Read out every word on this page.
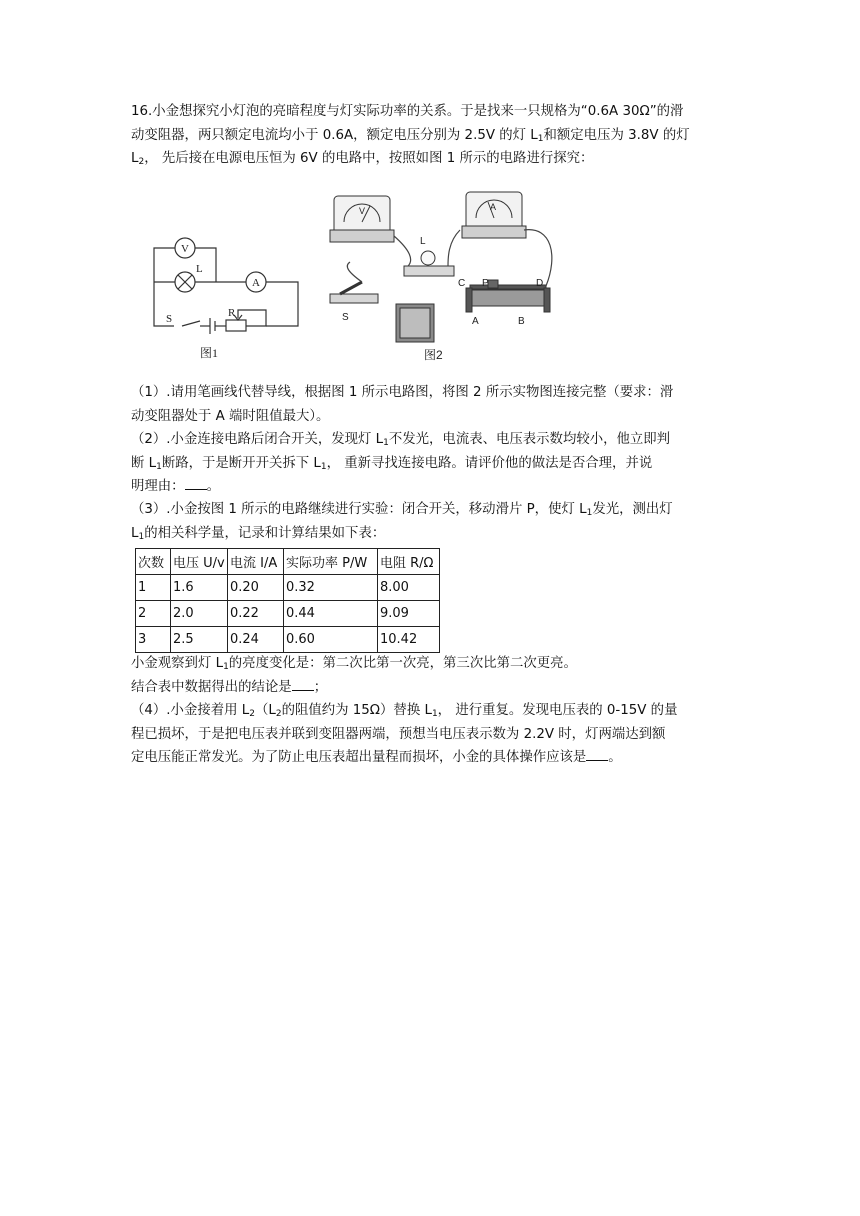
16.小金想探究小灯泡的亮暗程度与灯实际功率的关系。于是找来一只规格为“0.6A 30Ω”的滑
动变阻器，两只额定电流均小于 0.6A，额定电压分别为 2.5V 的灯 $L_1$和额定电压为 3.8V 的灯
$L_2$， 先后接在电源电压恒为 6V 的电路中，按照如图 1 所示的电路进行探究：
V
A
L
S	R
图1
V	A
L
S
C P	D
A	B
图2
（1）.请用笔画线代替导线，根据图 1 所示电路图，将图 2 所示实物图连接完整（要求：滑
动变阻器处于 A 端时阻值最大）。
（2）.小金连接电路后闭合开关，发现灯 $L_1$不发光，电流表、电压表示数均较小，他立即判
断 $L_1$断路，于是断开开关拆下 $L_1$， 重新寻找连接电路。请评价他的做法是否合理，并说
明理由： 。
（3）.小金按图 1 所示的电路继续进行实验：闭合开关，移动滑片 P，使灯 $L_1$发光，测出灯
$L_1$的相关科学量，记录和计算结果如下表：
次数	电压 U/v	电流 I/A	实际功率 P/W	电阻 R/Ω
1	1.6	0.20	0.32	8.00
2	2.0	0.22	0.44	9.09
3	2.5	0.24	0.60	10.42
小金观察到灯 $L_1$的亮度变化是：第二次比第一次亮，第三次比第二次更亮。
结合表中数据得出的结论是 ；
（4）.小金接着用 $L_2(L_2$的阻值约为 15Ω）替换 $L_1$， 进行重复。发现电压表的 0-15V 的量
程已损坏，于是把电压表并联到变阻器两端，预想当电压表示数为 2.2V 时，灯两端达到额
定电压能正常发光。为了防止电压表超出量程而损坏，小金的具体操作应该是 。
